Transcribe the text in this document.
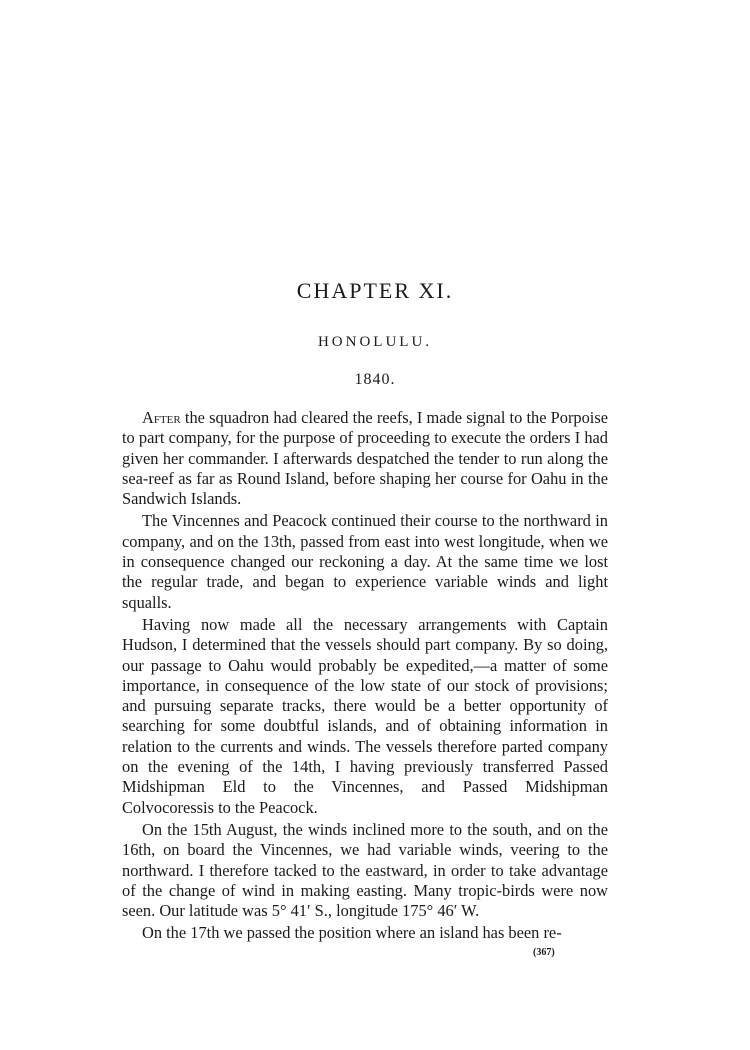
CHAPTER XI.
HONOLULU.
1840.

After the squadron had cleared the reefs, I made signal to the Porpoise to part company, for the purpose of proceeding to execute the orders I had given her commander. I afterwards despatched the tender to run along the sea-reef as far as Round Island, before shaping her course for Oahu in the Sandwich Islands.

The Vincennes and Peacock continued their course to the northward in company, and on the 13th, passed from east into west longitude, when we in consequence changed our reckoning a day. At the same time we lost the regular trade, and began to experience variable winds and light squalls.

Having now made all the necessary arrangements with Captain Hudson, I determined that the vessels should part company. By so doing, our passage to Oahu would probably be expedited,—a matter of some importance, in consequence of the low state of our stock of provisions; and pursuing separate tracks, there would be a better opportunity of searching for some doubtful islands, and of obtaining information in relation to the currents and winds. The vessels therefore parted company on the evening of the 14th, I having previously transferred Passed Midshipman Eld to the Vincennes, and Passed Midshipman Colvocoressis to the Peacock.

On the 15th August, the winds inclined more to the south, and on the 16th, on board the Vincennes, we had variable winds, veering to the northward. I therefore tacked to the eastward, in order to take advantage of the change of wind in making easting. Many tropic-birds were now seen. Our latitude was 5° 41′ S., longitude 175° 46′ W.

On the 17th we passed the position where an island has been re-

(367)
